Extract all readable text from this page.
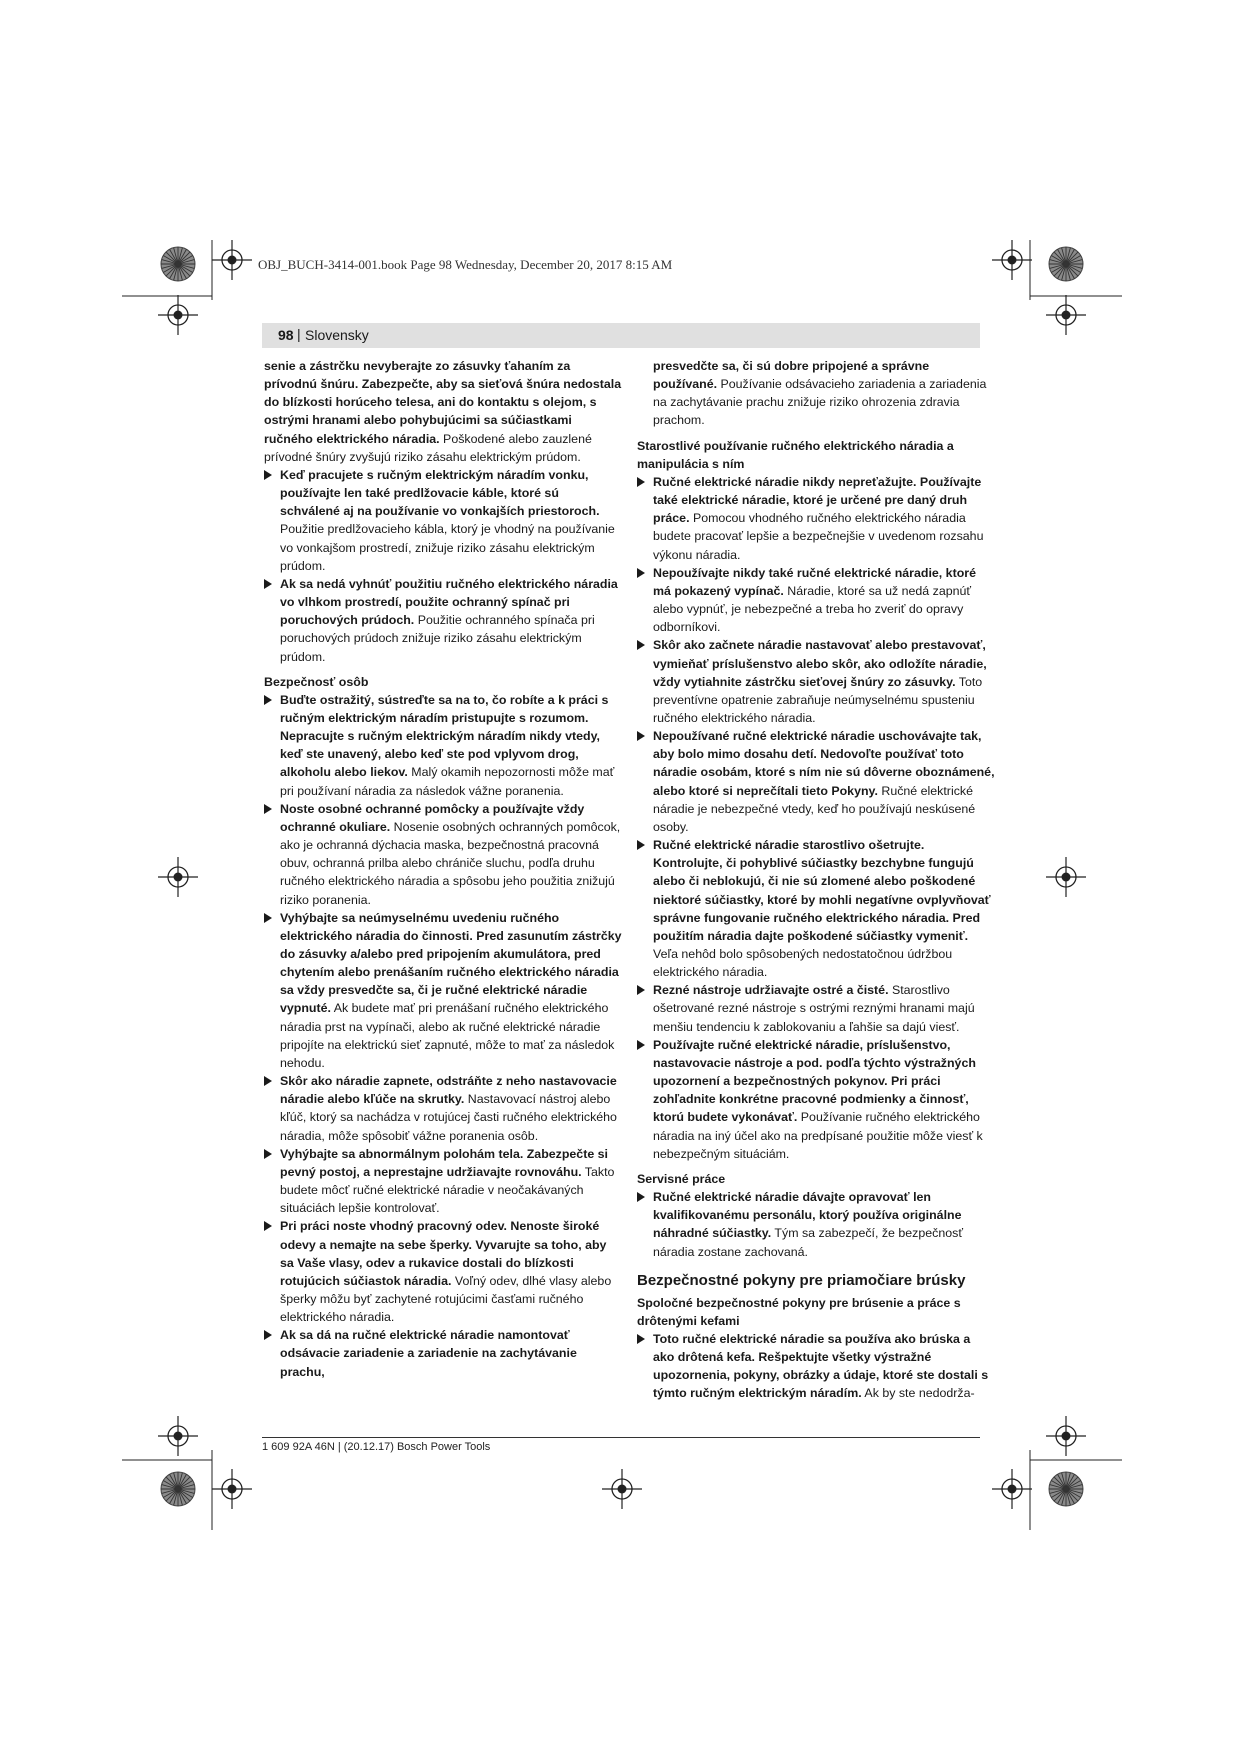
OBJ_BUCH-3414-001.book Page 98 Wednesday, December 20, 2017 8:15 AM
98 | Slovensky

senie a zástrčku nevyberajte zo zásuvky ťahaním za prívodnú šnúru. Zabezpečte, aby sa sieťová šnúra nedostala do blízkosti horúceho telesa, ani do kontaktu s olejom, s ostrými hranami alebo pohybujúcimi sa súčiastkami ručného elektrického náradia. Poškodené alebo zauzlené prívodné šnúry zvyšujú riziko zásahu elektrickým prúdom.

Keď pracujete s ručným elektrickým náradím vonku, používajte len také predlžovacie káble, ktoré sú schválené aj na používanie vo vonkajších priestoroch. Použitie predlžovacieho kábla, ktorý je vhodný na používanie vo vonkajšom prostredí, znižuje riziko zásahu elektrickým prúdom.

Ak sa nedá vyhnúť použitiu ručného elektrického náradia vo vlhkom prostredí, použite ochranný spínač pri poruchových prúdoch. Použitie ochranného spínača pri poruchových prúdoch znižuje riziko zásahu elektrickým prúdom.

Bezpečnosť osôb

Buďte ostražitý, sústreďte sa na to, čo robíte a k práci s ručným elektrickým náradím pristupujte s rozumom. Nepracujte s ručným elektrickým náradím nikdy vtedy, keď ste unavený, alebo keď ste pod vplyvom drog, alkoholu alebo liekov. Malý okamih nepozornosti môže mať pri používaní náradia za následok vážne poranenia.

Noste osobné ochranné pomôcky a používajte vždy ochranné okuliare. Nosenie osobných ochranných pomôcok, ako je ochranná dýchacia maska, bezpečnostná pracovná obuv, ochranná prilba alebo chrániče sluchu, podľa druhu ručného elektrického náradia a spôsobu jeho použitia znižujú riziko poranenia.

Vyhýbajte sa neúmyselnému uvedeniu ručného elektrického náradia do činnosti. Pred zasunutím zástrčky do zásuvky a/alebo pred pripojením akumulátora, pred chytením alebo prenášaním ručného elektrického náradia sa vždy presvedčte sa, či je ručné elektrické náradie vypnuté. Ak budete mať pri prenášaní ručného elektrického náradia prst na vypínači, alebo ak ručné elektrické náradie pripojíte na elektrickú sieť zapnuté, môže to mať za následok nehodu.

Skôr ako náradie zapnete, odstráňte z neho nastavovacie náradie alebo kľúče na skrutky. Nastavovací nástroj alebo kľúč, ktorý sa nachádza v rotujúcej časti ručného elektrického náradia, môže spôsobiť vážne poranenia osôb.

Vyhýbajte sa abnormálnym polohám tela. Zabezpečte si pevný postoj, a neprestajne udržiavajte rovnováhu. Takto budete môcť ručné elektrické náradie v neočakávaných situáciách lepšie kontrolovať.

Pri práci noste vhodný pracovný odev. Nenoste široké odevy a nemajte na sebe šperky. Vyvarujte sa toho, aby sa Vaše vlasy, odev a rukavice dostali do blízkosti rotujúcich súčiastok náradia. Voľný odev, dlhé vlasy alebo šperky môžu byť zachytené rotujúcimi časťami ručného elektrického náradia.

Ak sa dá na ručné elektrické náradie namontovať odsávacie zariadenie a zariadenie na zachytávanie prachu,

presvedčte sa, či sú dobre pripojené a správne používané. Používanie odsávacieho zariadenia a zariadenia na zachytávanie prachu znižuje riziko ohrozenia zdravia prachom.

Starostlivé používanie ručného elektrického náradia a manipulácia s ním

Ručné elektrické náradie nikdy nepreťažujte. Používajte také elektrické náradie, ktoré je určené pre daný druh práce. Pomocou vhodného ručného elektrického náradia budete pracovať lepšie a bezpečnejšie v uvedenom rozsahu výkonu náradia.

Nepoužívajte nikdy také ručné elektrické náradie, ktoré má pokazený vypínač. Náradie, ktoré sa už nedá zapnúť alebo vypnúť, je nebezpečné a treba ho zveriť do opravy odborníkovi.

Skôr ako začnete náradie nastavovať alebo prestavovať, vymieňať príslušenstvo alebo skôr, ako odložíte náradie, vždy vytiahnite zástrčku sieťovej šnúry zo zásuvky. Toto preventívne opatrenie zabraňuje neúmyselnému spusteniu ručného elektrického náradia.

Nepoužívané ručné elektrické náradie uschovávajte tak, aby bolo mimo dosahu detí. Nedovoľte používať toto náradie osobám, ktoré s ním nie sú dôverne oboznámené, alebo ktoré si neprečítali tieto Pokyny. Ručné elektrické náradie je nebezpečné vtedy, keď ho používajú neskúsené osoby.

Ručné elektrické náradie starostlivo ošetrujte. Kontrolujte, či pohyblivé súčiastky bezchybne fungujú alebo či neblokujú, či nie sú zlomené alebo poškodené niektoré súčiastky, ktoré by mohli negatívne ovplyvňovať správne fungovanie ručného elektrického náradia. Pred použitím náradia dajte poškodené súčiastky vymeniť. Veľa nehôd bolo spôsobených nedostatočnou údržbou elektrického náradia.

Rezné nástroje udržiavajte ostré a čisté. Starostlivo ošetrované rezné nástroje s ostrými reznými hranami majú menšiu tendenciu k zablokovaniu a ľahšie sa dajú viesť.

Používajte ručné elektrické náradie, príslušenstvo, nastavovacie nástroje a pod. podľa týchto výstražných upozornení a bezpečnostných pokynov. Pri práci zohľadnite konkrétne pracovné podmienky a činnosť, ktorú budete vykonávať. Používanie ručného elektrického náradia na iný účel ako na predpísané použitie môže viesť k nebezpečným situáciám.

Servisné práce

Ručné elektrické náradie dávajte opravovať len kvalifikovanému personálu, ktorý používa originálne náhradné súčiastky. Tým sa zabezpečí, že bezpečnosť náradia zostane zachovaná.

Bezpečnostné pokyny pre priamočiare brúsky
Spoločné bezpečnostné pokyny pre brúsenie a práce s drôtenými kefami

Toto ručné elektrické náradie sa používa ako brúska a ako drôtená kefa. Rešpektujte všetky výstražné upozornenia, pokyny, obrázky a údaje, ktoré ste dostali s týmto ručným elektrickým náradím. Ak by ste nedodrža-

1 609 92A 46N | (20.12.17) Bosch Power Tools
